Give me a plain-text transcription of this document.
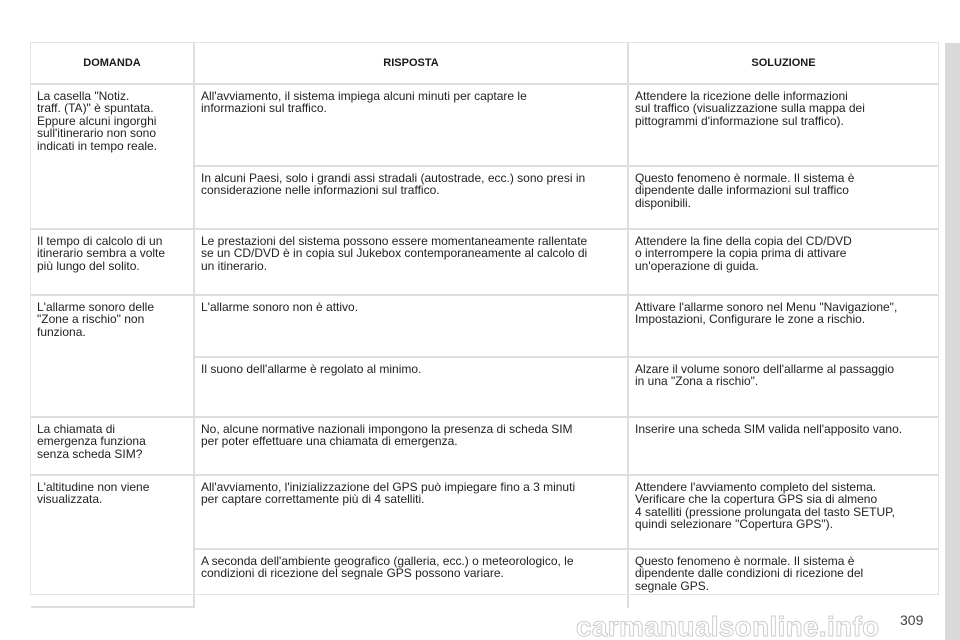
DOMANDA	RISPOSTA	SOLUZIONE

La casella "Notiz.
traff. (TA)" è spuntata.
Eppure alcuni ingorghi
sull'itinerario non sono
indicati in tempo reale.	All'avviamento, il sistema impiega alcuni minuti per captare le
informazioni sul traffico.	Attendere la ricezione delle informazioni
sul traffico (visualizzazione sulla mappa dei
pittogrammi d'informazione sul traffico).

	In alcuni Paesi, solo i grandi assi stradali (autostrade, ecc.) sono presi in
considerazione nelle informazioni sul traffico.	Questo fenomeno è normale. Il sistema è
dipendente dalle informazioni sul traffico
disponibili.

Il tempo di calcolo di un
itinerario sembra a volte
più lungo del solito.	Le prestazioni del sistema possono essere momentaneamente rallentate
se un CD/DVD è in copia sul Jukebox contemporaneamente al calcolo di
un itinerario.	Attendere la fine della copia del CD/DVD
o interrompere la copia prima di attivare
un'operazione di guida.

L'allarme sonoro delle
"Zone a rischio" non
funziona.	L'allarme sonoro non è attivo.	Attivare l'allarme sonoro nel Menu "Navigazione",
Impostazioni, Configurare le zone a rischio.

	Il suono dell'allarme è regolato al minimo.	Alzare il volume sonoro dell'allarme al passaggio
in una "Zona a rischio".

La chiamata di
emergenza funziona
senza scheda SIM?	No, alcune normative nazionali impongono la presenza di scheda SIM
per poter effettuare una chiamata di emergenza.	Inserire una scheda SIM valida nell'apposito vano.

L'altitudine non viene
visualizzata.	All'avviamento, l'inizializzazione del GPS può impiegare fino a 3 minuti
per captare correttamente più di 4 satelliti.	Attendere l'avviamento completo del sistema.
Verificare che la copertura GPS sia di almeno
4 satelliti (pressione prolungata del tasto SETUP,
quindi selezionare "Copertura GPS").

	A seconda dell'ambiente geografico (galleria, ecc.) o meteorologico, le
condizioni di ricezione del segnale GPS possono variare.	Questo fenomeno è normale. Il sistema è
dipendente dalle condizioni di ricezione del
segnale GPS.
carmanualsonline.info 309
